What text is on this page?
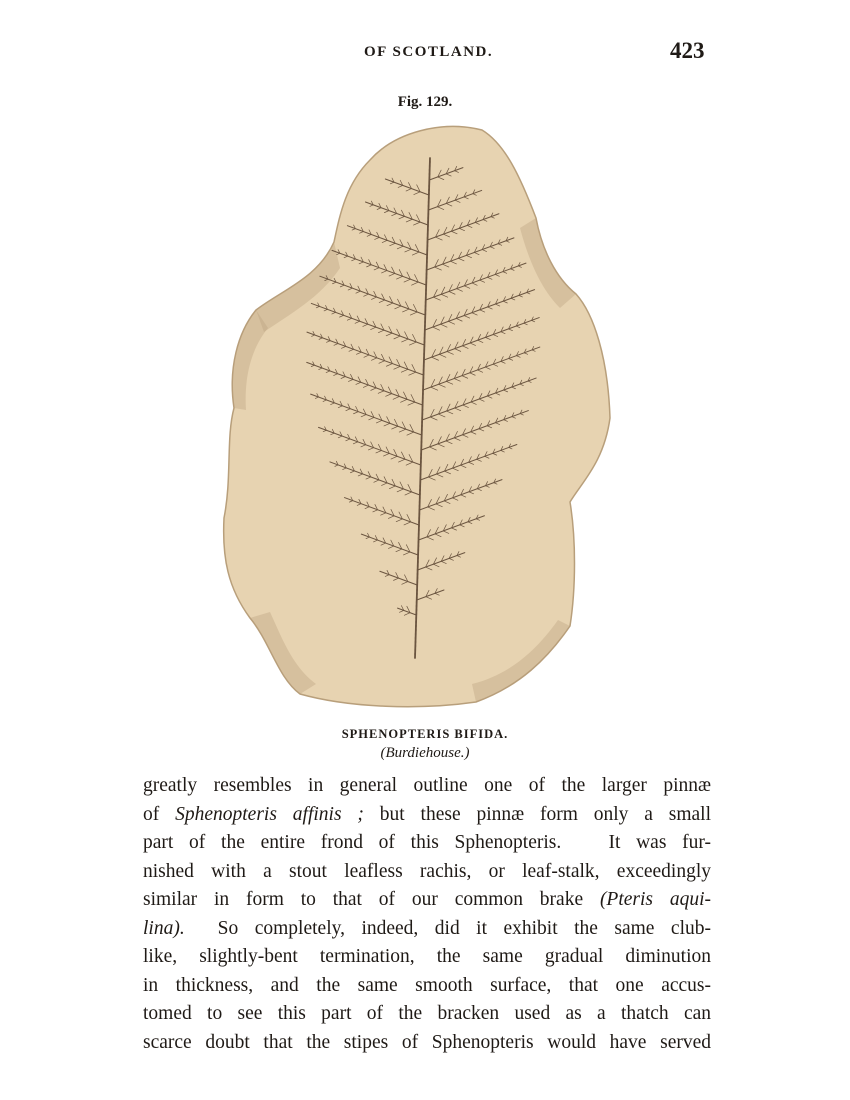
OF SCOTLAND.	423
Fig. 129.
SPHENOPTERIS BIFIDA.
(Burdiehouse.)
greatly resembles in general outline one of the larger pinnæ
of Sphenopteris affinis ; but these pinnæ form only a small
part of the entire frond of this Sphenopteris.   It was fur-
nished with a stout leafless rachis, or leaf-stalk, exceedingly
similar in form to that of our common brake (Pteris aqui-
lina).  So completely, indeed, did it exhibit the same club-
like, slightly-bent termination, the same gradual diminution
in thickness, and the same smooth surface, that one accus-
tomed to see this part of the bracken used as a thatch can
scarce doubt that the stipes of Sphenopteris would have served
